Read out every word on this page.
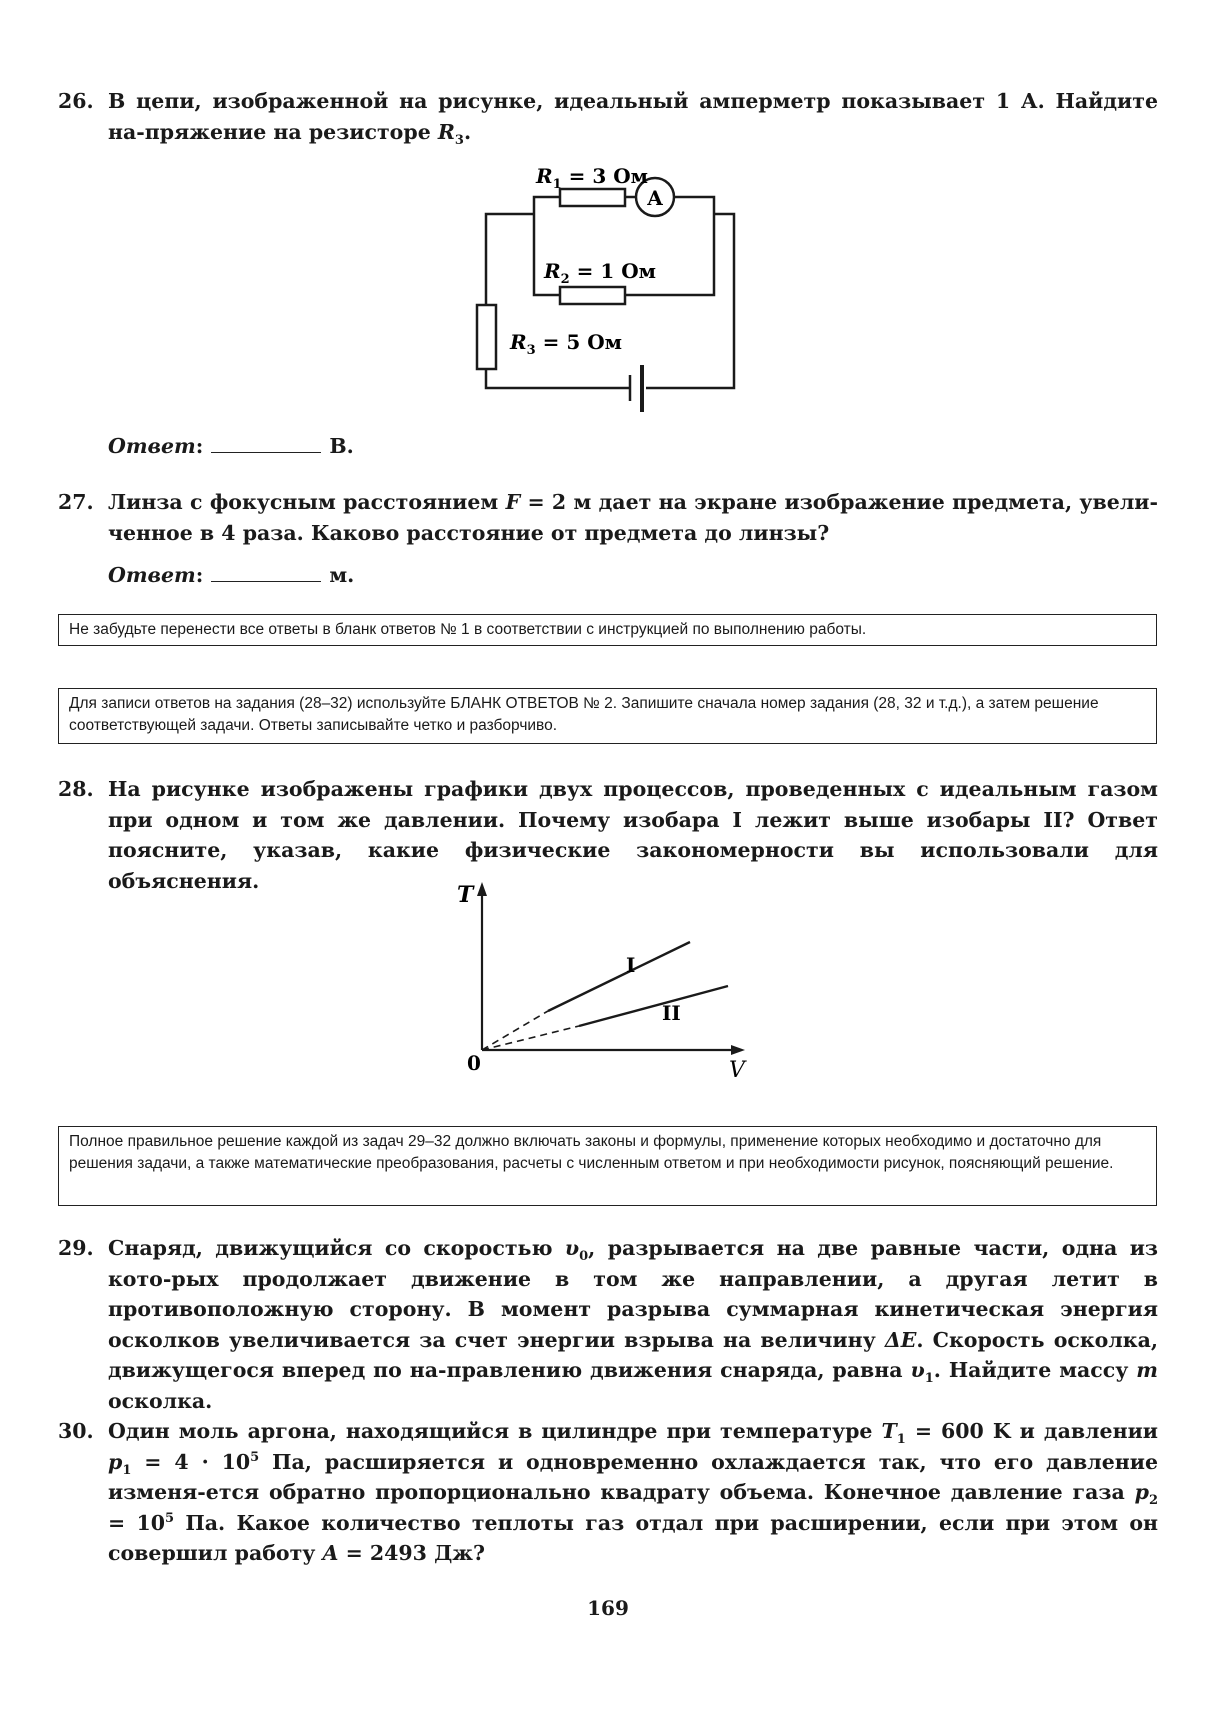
26. В цепи, изображенной на рисунке, идеальный амперметр показывает 1 А. Найдите на-пряжение на резисторе $R_3$.
A
$R_1 = 3$ Ом
$R_2 = 1$ Ом
$R_3 = 5$ Ом
Ответ:	В.
27. Линза с фокусным расстоянием F = 2 м дает на экране изображение предмета, увели-ченное в 4 раза. Каково расстояние от предмета до линзы?
Ответ:	м.
Не забудьте перенести все ответы в бланк ответов № 1 в соответствии с инструкцией по выполнению работы.
Для записи ответов на задания (28–32) используйте БЛАНК ОТВЕТОВ № 2. Запишите сначала номер задания (28, 32 и т.д.), а затем решение соответствующей задачи. Ответы записывайте четко и разборчиво.
28. На рисунке изображены графики двух процессов, проведенных с идеальным газом при одном и том же давлении. Почему изобара I лежит выше изобары II? Ответ поясните, указав, какие физические закономерности вы использовали для объяснения.
T
V
0
I
II
Полное правильное решение каждой из задач 29–32 должно включать законы и формулы, применение которых необходимо и достаточно для решения задачи, а также математические преобразования, расчеты с численным ответом и при необходимости рисунок, поясняющий решение.
29. Снаряд, движущийся со скоростью $\upsilon_0$, разрывается на две равные части, одна из кото-рых продолжает движение в том же направлении, а другая летит в противоположную сторону. В момент разрыва суммарная кинетическая энергия осколков увеличивается за счет энергии взрыва на величину ΔE. Скорость осколка, движущегося вперед по на-правлению движения снаряда, равна $\upsilon_1$. Найдите массу m осколка.
30. Один моль аргона, находящийся в цилиндре при температуре $T_1 = 600$ K и давлении $p_1 = 4 \cdot 10^5$ Па, расширяется и одновременно охлаждается так, что его давление изменя-ется обратно пропорционально квадрату объема. Конечное давление газа $p_2 = 10^5$ Па. Какое количество теплоты газ отдал при расширении, если при этом он совершил работу A = 2493 Дж?
169
